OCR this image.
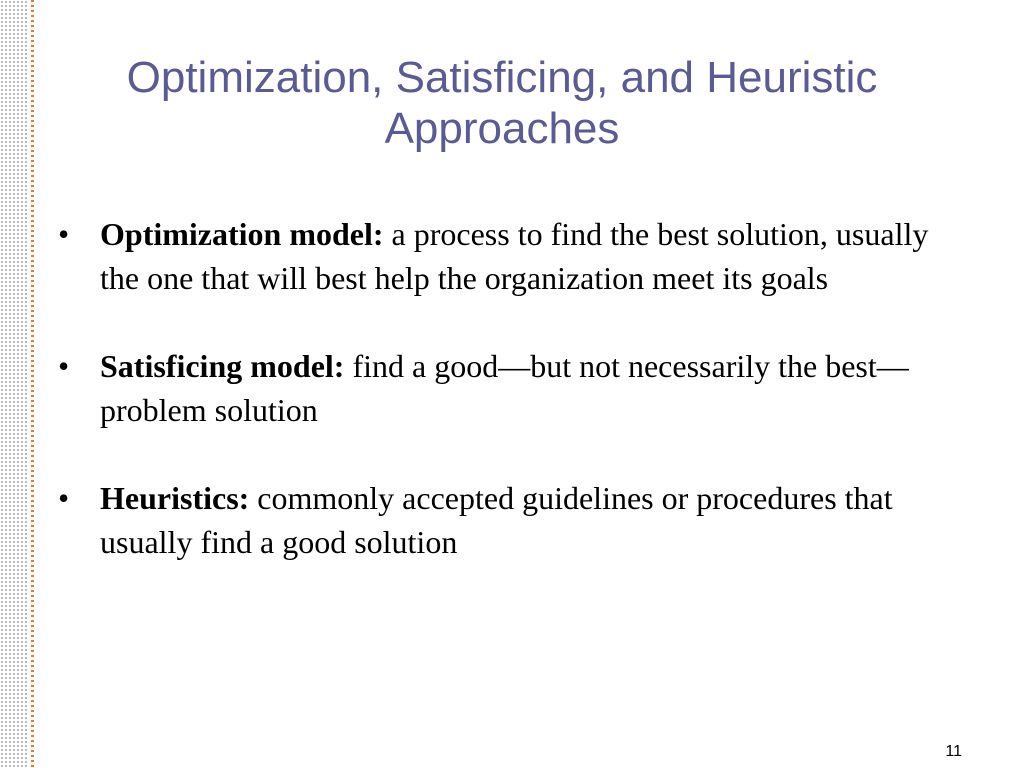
Optimization, Satisficing, and Heuristic Approaches
• Optimization model: a process to find the best solution, usually the one that will best help the organization meet its goals
• Satisficing model: find a good—but not necessarily the best—problem solution
• Heuristics: commonly accepted guidelines or procedures that usually find a good solution
11
